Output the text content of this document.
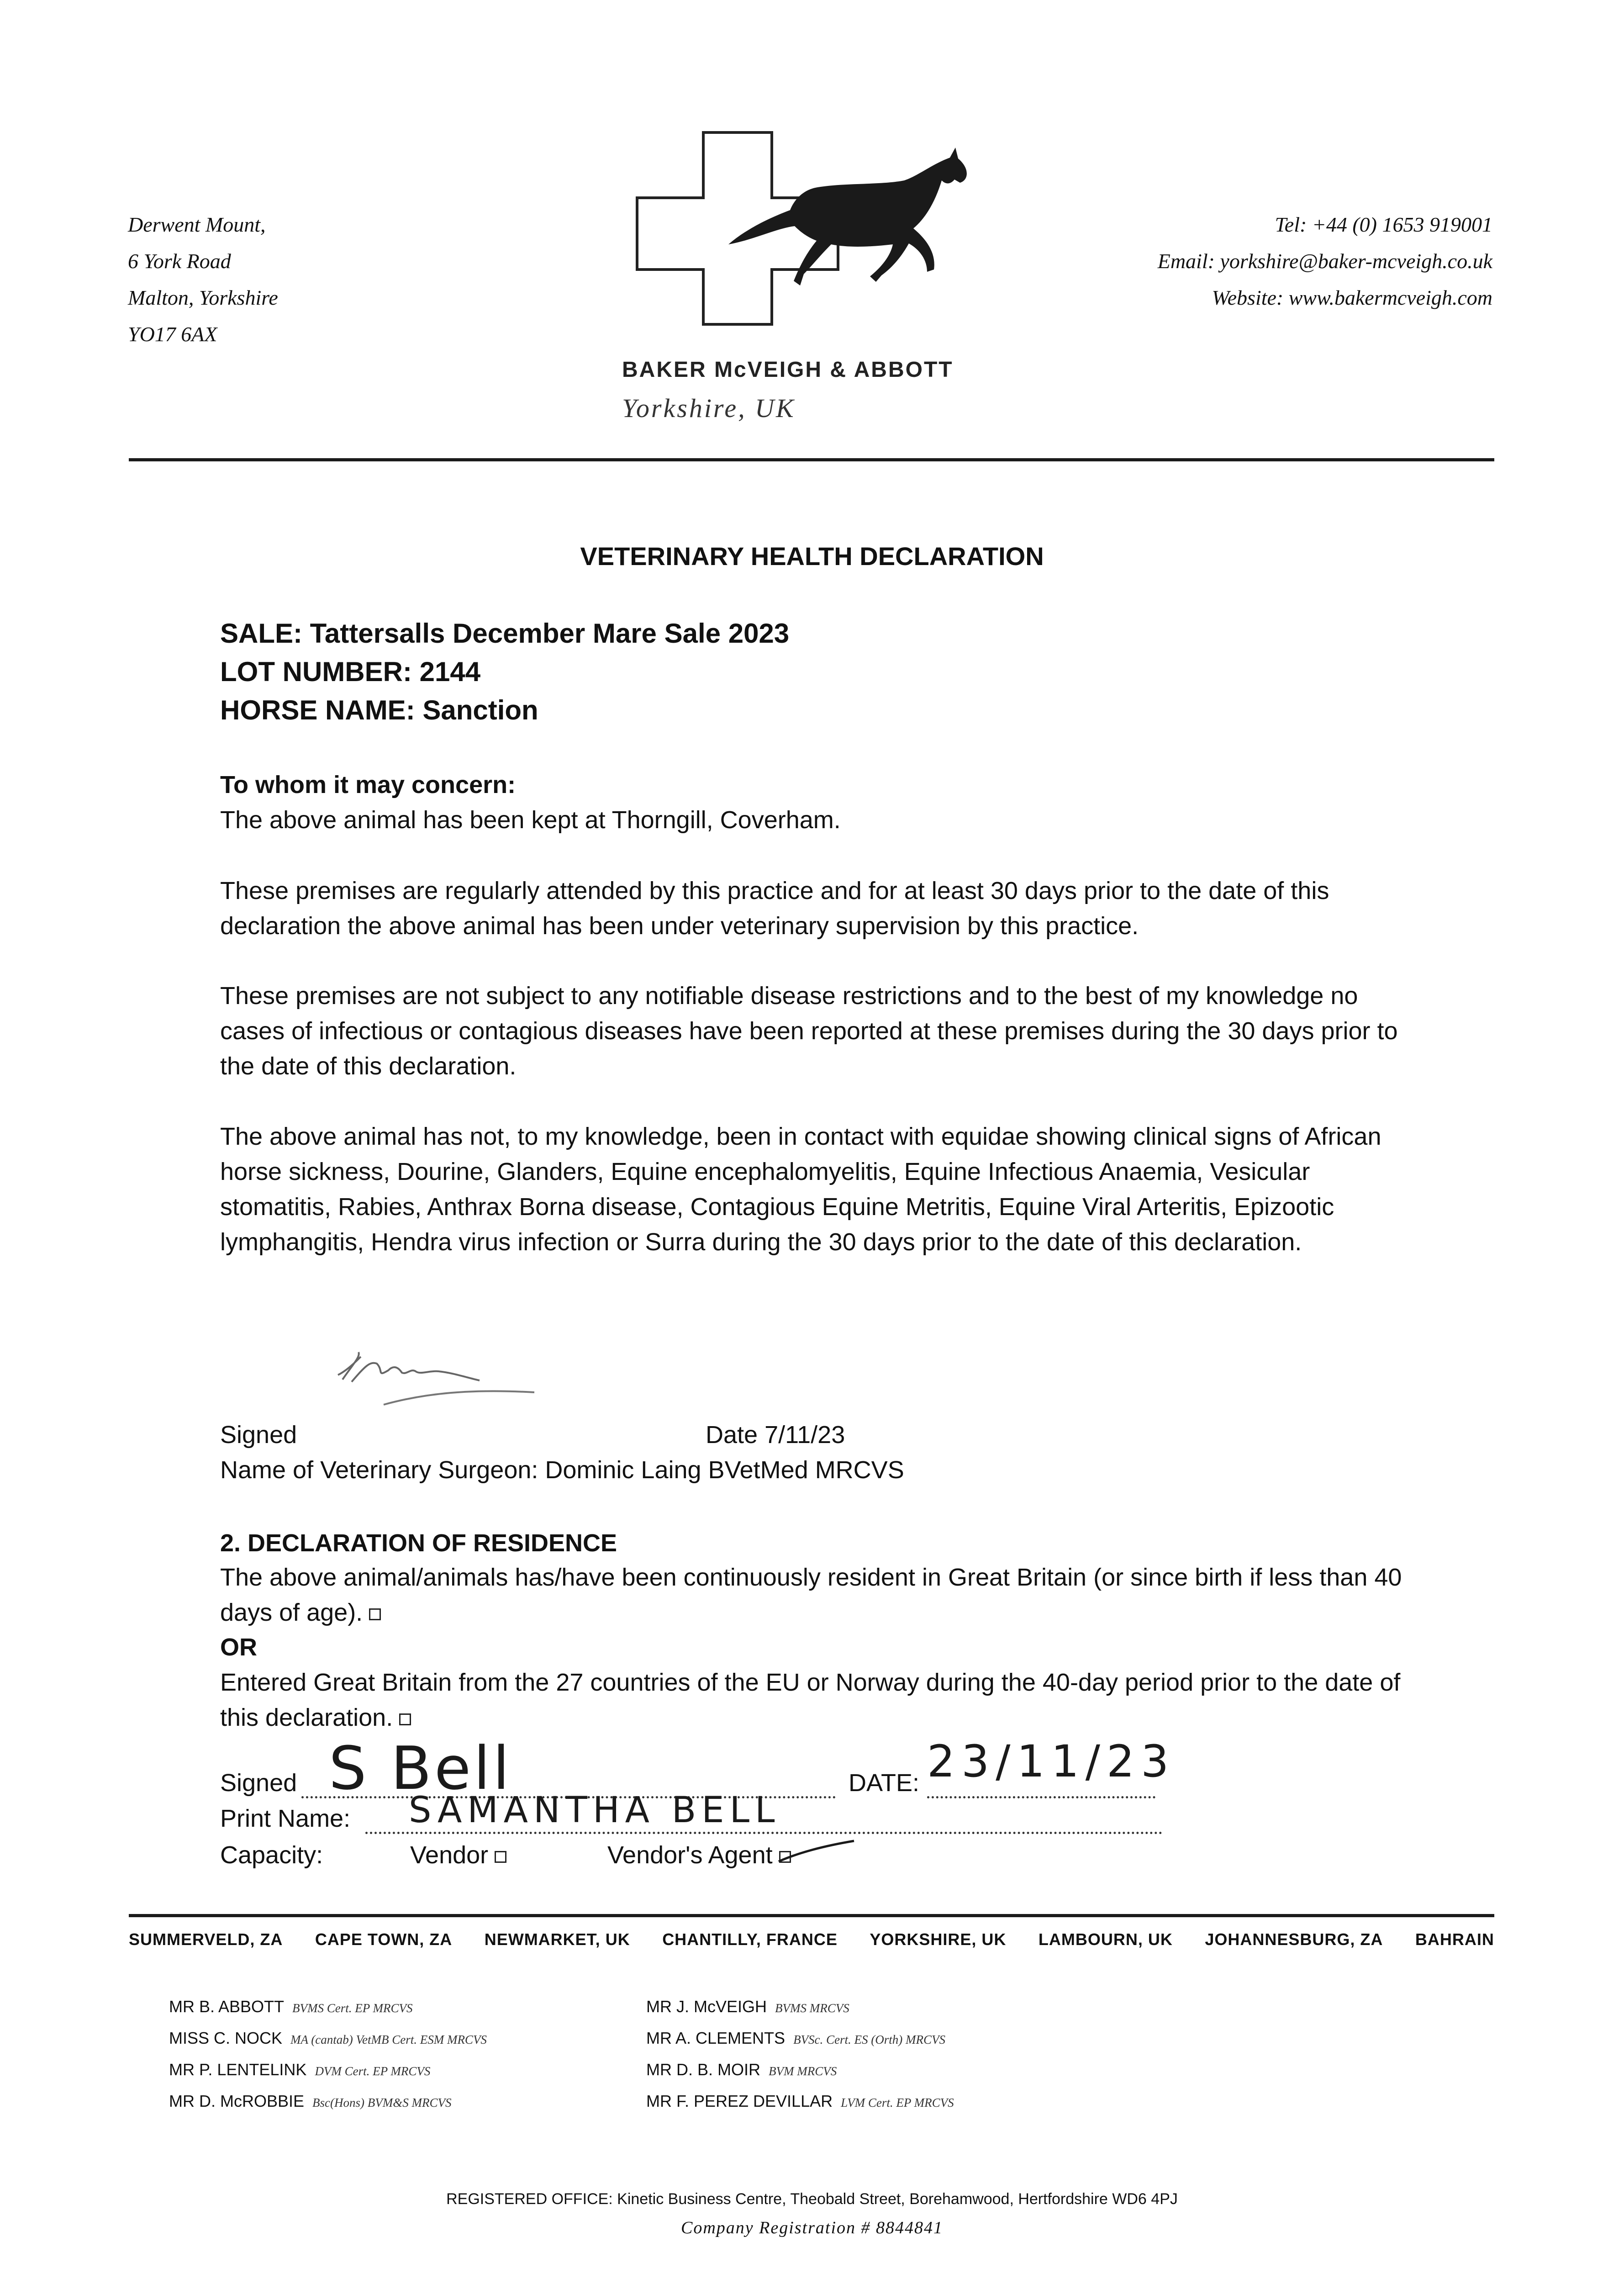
Derwent Mount,
6 York Road
Malton, Yorkshire
YO17 6AX
BAKER McVEIGH & ABBOTT
Yorkshire, UK
Tel: +44 (0) 1653 919001
Email: yorkshire@baker-mcveigh.co.uk
Website: www.bakermcveigh.com
VETERINARY HEALTH DECLARATION
SALE: Tattersalls December Mare Sale 2023
LOT NUMBER: 2144
HORSE NAME: Sanction
To whom it may concern:
The above animal has been kept at Thorngill, Coverham.
These premises are regularly attended by this practice and for at least 30 days prior to the date of this declaration the above animal has been under veterinary supervision by this practice.
These premises are not subject to any notifiable disease restrictions and to the best of my knowledge no cases of infectious or contagious diseases have been reported at these premises during the 30 days prior to the date of this declaration.
The above animal has not, to my knowledge, been in contact with equidae showing clinical signs of African horse sickness, Dourine, Glanders, Equine encephalomyelitis, Equine Infectious Anaemia, Vesicular stomatitis, Rabies, Anthrax Borna disease, Contagious Equine Metritis, Equine Viral Arteritis, Epizootic lymphangitis, Hendra virus infection or Surra during the 30 days prior to the date of this declaration.
Signed	Date 7/11/23
Name of Veterinary Surgeon: Dominic Laing BVetMed MRCVS
2. DECLARATION OF RESIDENCE
The above animal/animals has/have been continuously resident in Great Britain (or since birth if less than 40 days of age).
OR
Entered Great Britain from the 27 countries of the EU or Norway during the 40-day period prior to the date of this declaration.
Signed S Bell	DATE: 23/11/23
Print Name: SAMANTHA BELL
Capacity:	Vendor	Vendor's Agent
SUMMERVELD, ZA CAPE TOWN, ZA NEWMARKET, UK CHANTILLY, FRANCE YORKSHIRE, UK LAMBOURN, UK JOHANNESBURG, ZA BAHRAIN
MR B. ABBOTT BVMS Cert. EP MRCVS
MISS C. NOCK MA (cantab) VetMB Cert. ESM MRCVS
MR P. LENTELINK DVM Cert. EP MRCVS
MR D. McROBBIE Bsc(Hons) BVM&S MRCVS
MR J. McVEIGH BVMS MRCVS
MR A. CLEMENTS BVSc. Cert. ES (Orth) MRCVS
MR D. B. MOIR BVM MRCVS
MR F. PEREZ DEVILLAR LVM Cert. EP MRCVS
REGISTERED OFFICE: Kinetic Business Centre, Theobald Street, Borehamwood, Hertfordshire WD6 4PJ
Company Registration # 8844841
